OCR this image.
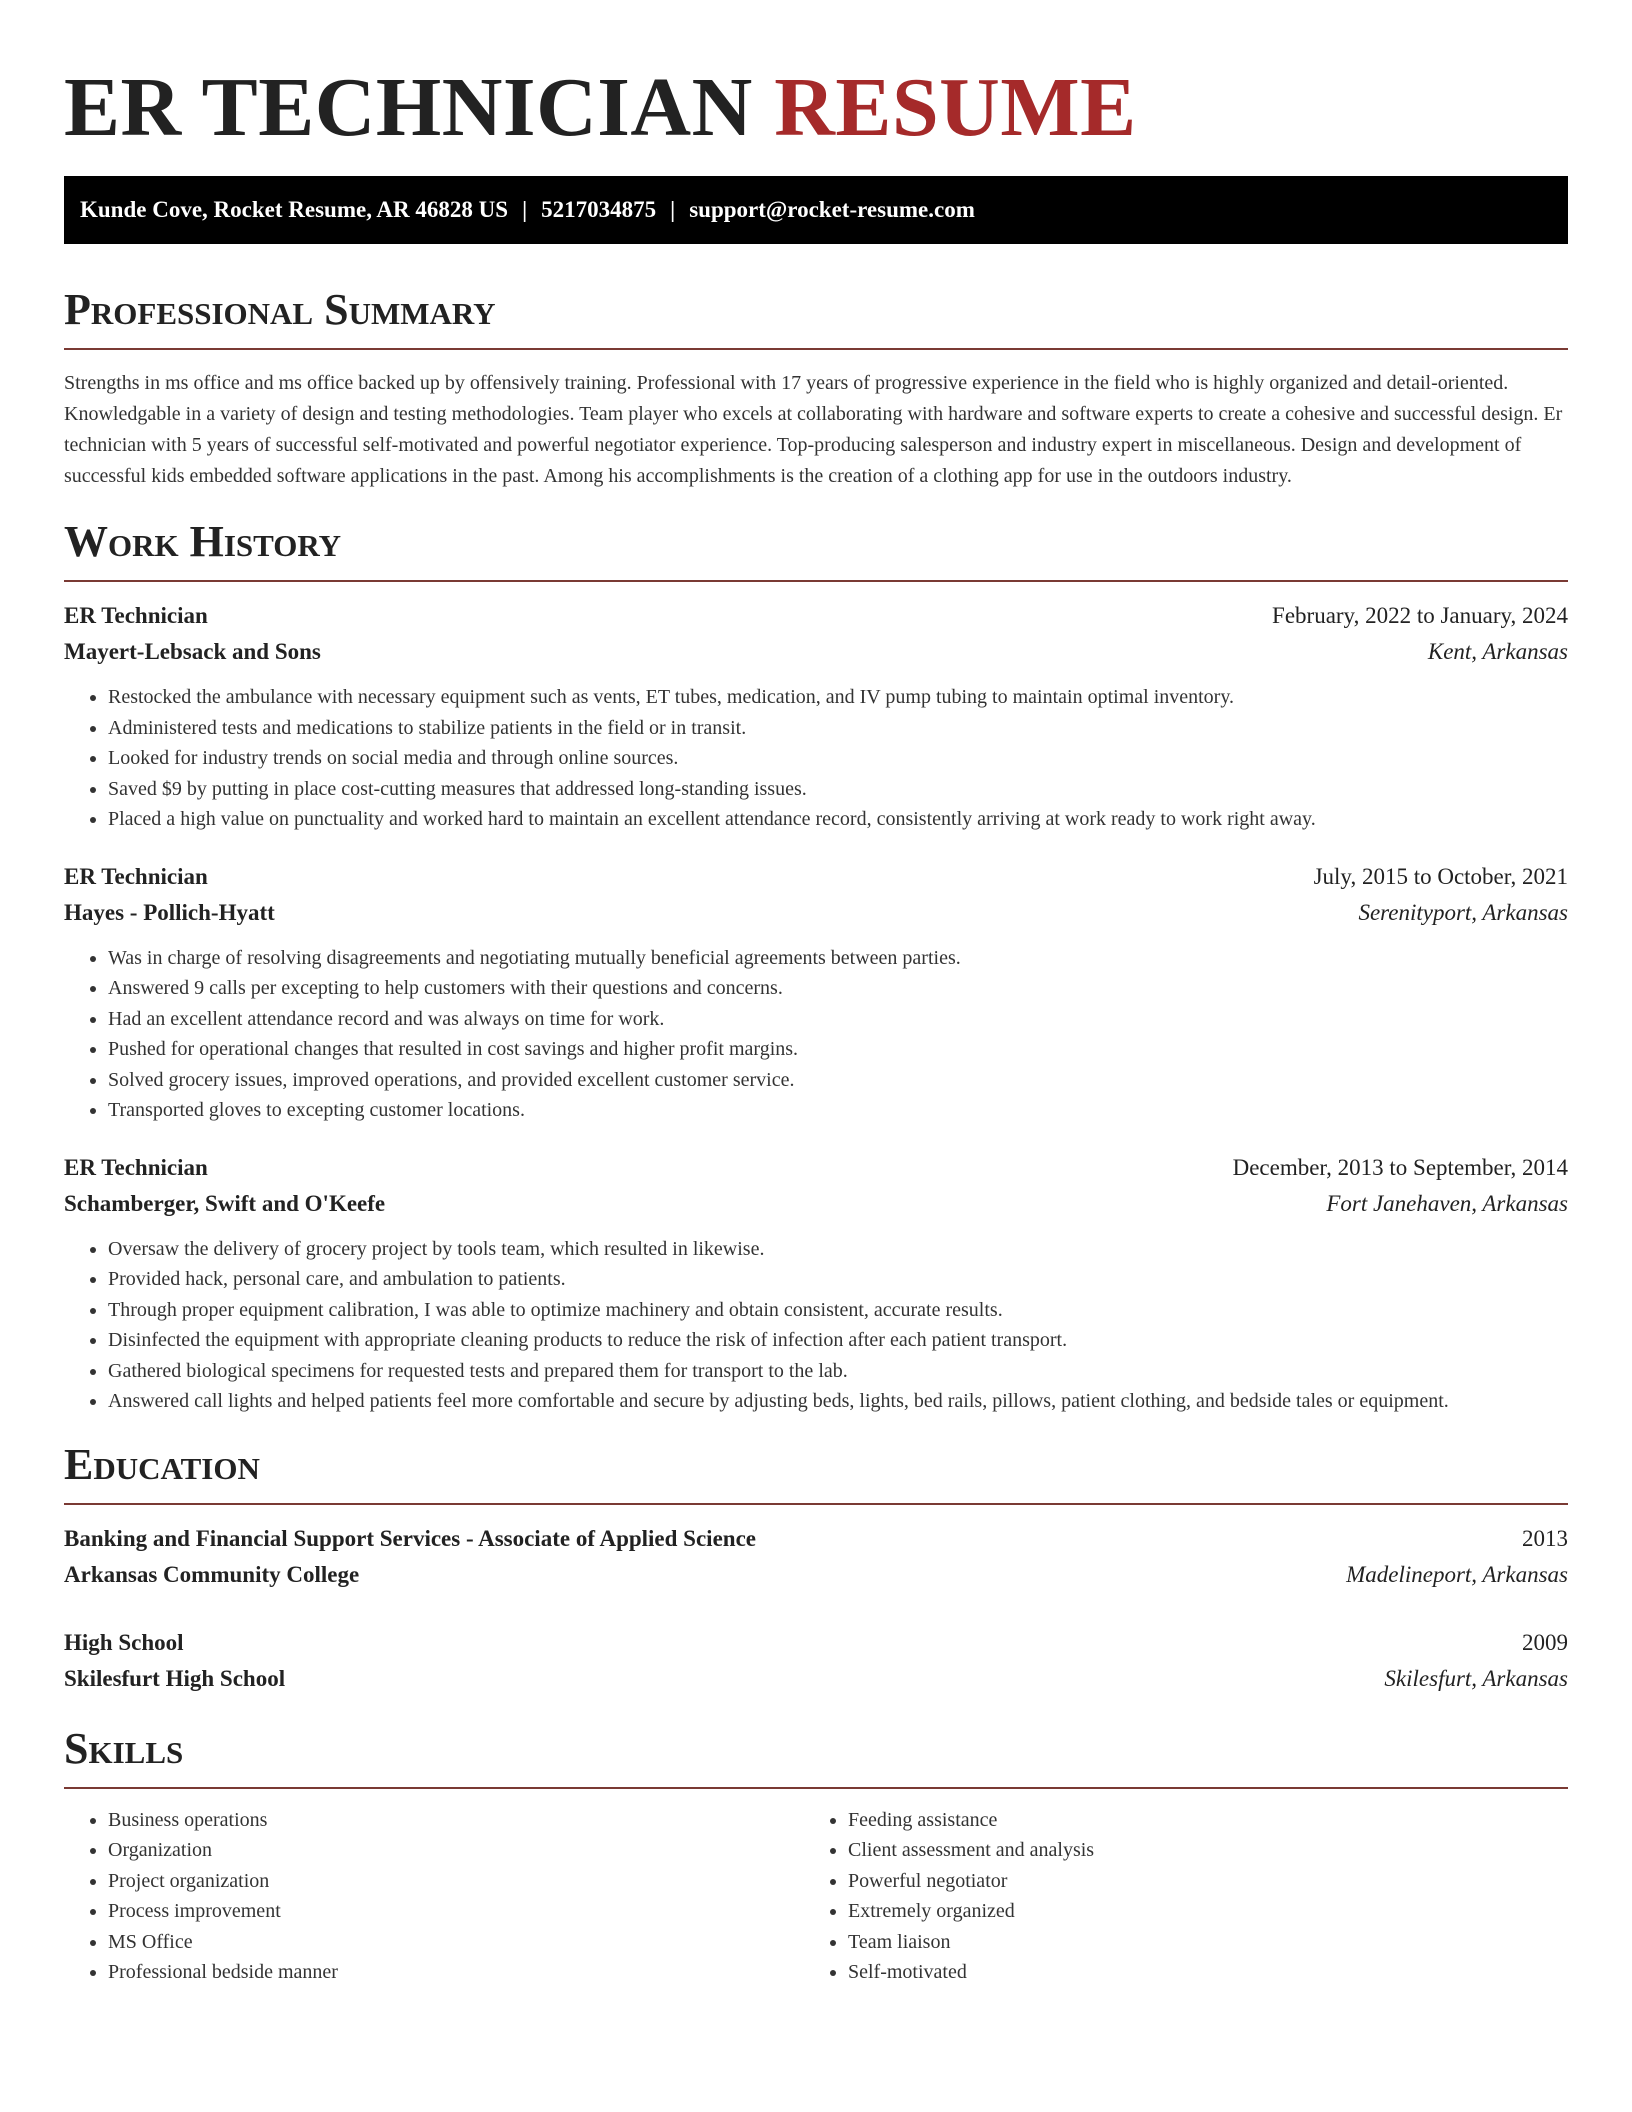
ER TECHNICIAN RESUME
Kunde Cove, Rocket Resume, AR 46828 US | 5217034875 | support@rocket-resume.com
Professional Summary

Strengths in ms office and ms office backed up by offensively training. Professional with 17 years of progressive experience in the field who is highly organized and detail-oriented. Knowledgable in a variety of design and testing methodologies. Team player who excels at collaborating with hardware and software experts to create a cohesive and successful design. Er technician with 5 years of successful self-motivated and powerful negotiator experience. Top-producing salesperson and industry expert in miscellaneous. Design and development of successful kids embedded software applications in the past. Among his accomplishments is the creation of a clothing app for use in the outdoors industry.

Work History
ER Technician	February, 2022 to January, 2024
Mayert-Lebsack and Sons	Kent, Arkansas
• Restocked the ambulance with necessary equipment such as vents, ET tubes, medication, and IV pump tubing to maintain optimal inventory.
• Administered tests and medications to stabilize patients in the field or in transit.
• Looked for industry trends on social media and through online sources.
• Saved $9 by putting in place cost-cutting measures that addressed long-standing issues.
• Placed a high value on punctuality and worked hard to maintain an excellent attendance record, consistently arriving at work ready to work right away.
ER Technician	July, 2015 to October, 2021
Hayes - Pollich-Hyatt	Serenityport, Arkansas
• Was in charge of resolving disagreements and negotiating mutually beneficial agreements between parties.
• Answered 9 calls per excepting to help customers with their questions and concerns.
• Had an excellent attendance record and was always on time for work.
• Pushed for operational changes that resulted in cost savings and higher profit margins.
• Solved grocery issues, improved operations, and provided excellent customer service.
• Transported gloves to excepting customer locations.
ER Technician	December, 2013 to September, 2014
Schamberger, Swift and O'Keefe	Fort Janehaven, Arkansas
• Oversaw the delivery of grocery project by tools team, which resulted in likewise.
• Provided hack, personal care, and ambulation to patients.
• Through proper equipment calibration, I was able to optimize machinery and obtain consistent, accurate results.
• Disinfected the equipment with appropriate cleaning products to reduce the risk of infection after each patient transport.
• Gathered biological specimens for requested tests and prepared them for transport to the lab.
• Answered call lights and helped patients feel more comfortable and secure by adjusting beds, lights, bed rails, pillows, patient clothing, and bedside tales or equipment.
Education
Banking and Financial Support Services - Associate of Applied Science	2013
Arkansas Community College	Madelineport, Arkansas
High School	2009
Skilesfurt High School	Skilesfurt, Arkansas
Skills
• Business operations
• Organization
• Project organization
• Process improvement
• MS Office
• Professional bedside manner
• Feeding assistance
• Client assessment and analysis
• Powerful negotiator
• Extremely organized
• Team liaison
• Self-motivated
